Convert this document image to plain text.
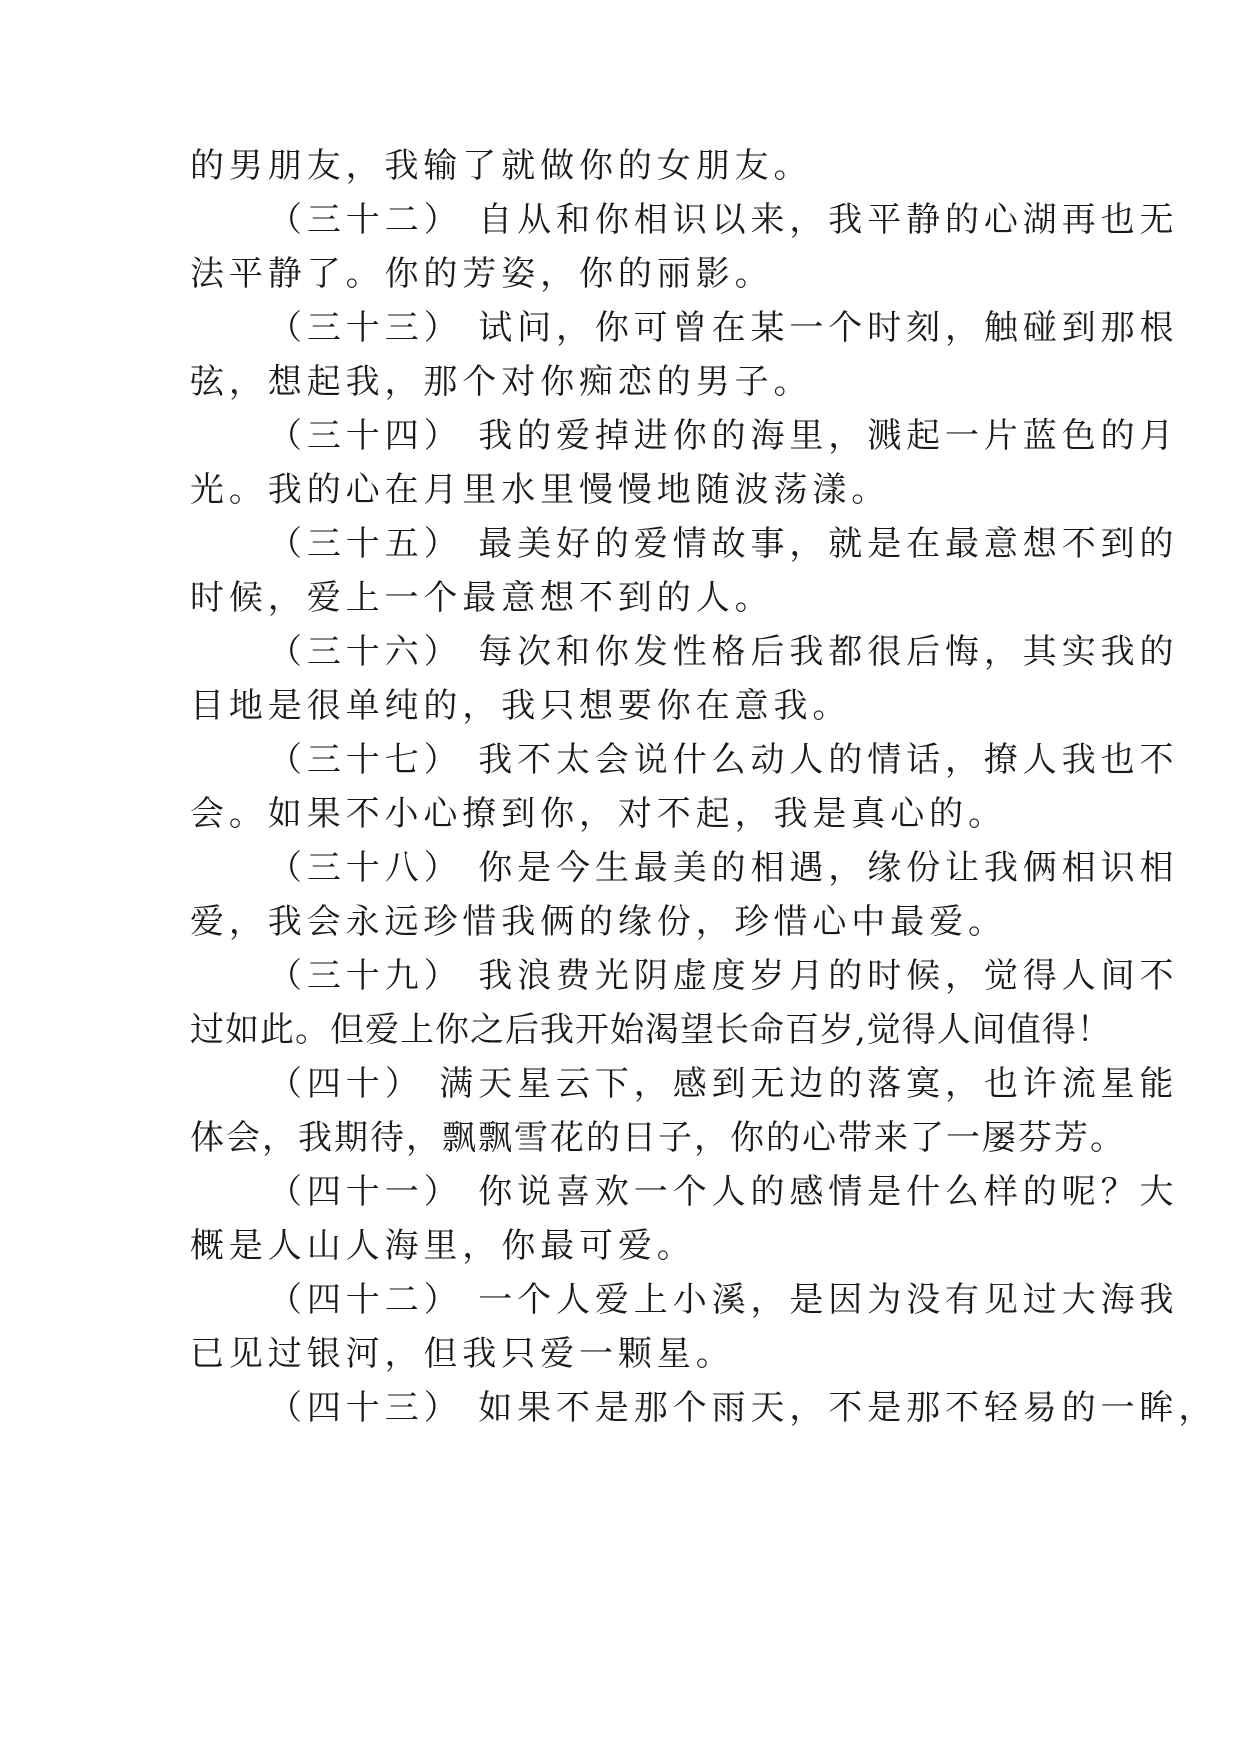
的男朋友，我输了就做你的女朋友。
（三十二） 自从和你相识以来，我平静的心湖再也无
法平静了。你的芳姿，你的丽影。
（三十三） 试问，你可曾在某一个时刻，触碰到那根
弦，想起我，那个对你痴恋的男子。
（三十四） 我的爱掉进你的海里，溅起一片蓝色的月
光。我的心在月里水里慢慢地随波荡漾。
（三十五） 最美好的爱情故事，就是在最意想不到的
时候，爱上一个最意想不到的人。
（三十六） 每次和你发性格后我都很后悔，其实我的
目地是很单纯的，我只想要你在意我。
（三十七） 我不太会说什么动人的情话，撩人我也不
会。如果不小心撩到你，对不起，我是真心的。
（三十八） 你是今生最美的相遇，缘份让我俩相识相
爱，我会永远珍惜我俩的缘份，珍惜心中最爱。
（三十九） 我浪费光阴虚度岁月的时候，觉得人间不
过如此。但爱上你之后我开始渴望长命百岁,觉得人间值得！
（四十） 满天星云下，感到无边的落寞，也许流星能
体会，我期待，飘飘雪花的日子，你的心带来了一屡芬芳。
（四十一） 你说喜欢一个人的感情是什么样的呢？大
概是人山人海里，你最可爱。
（四十二） 一个人爱上小溪，是因为没有见过大海我
已见过银河，但我只爱一颗星。
（四十三） 如果不是那个雨天，不是那不轻易的一眸，
